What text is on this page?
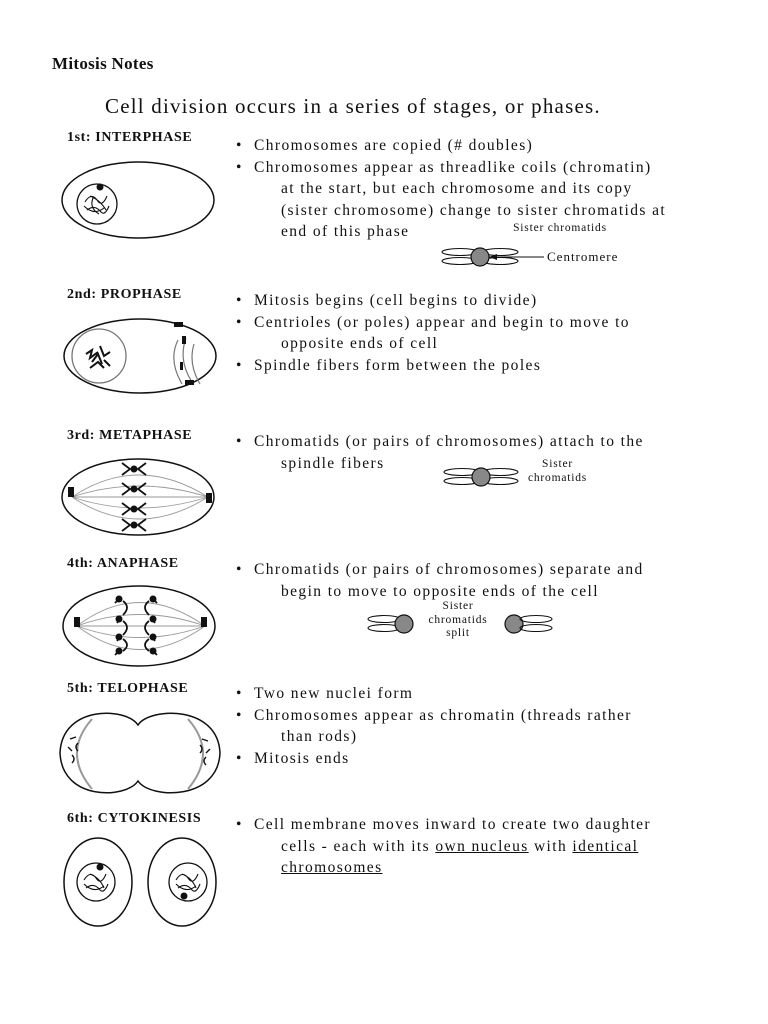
Mitosis Notes
Cell division occurs in a series of stages, or phases.
1st: INTERPHASE	• Chromosomes are copied (# doubles)
• Chromosomes appear as threadlike coils (chromatin)
at the start, but each chromosome and its copy
(sister chromosome) change to sister chromatids at
end of this phase	Sister chromatids
Centromere
2nd: PROPHASE	• Mitosis begins (cell begins to divide)
• Centrioles (or poles) appear and begin to move to
opposite ends of cell
• Spindle fibers form between the poles
3rd: METAPHASE	• Chromatids (or pairs of chromosomes) attach to the
spindle fibers	Sister
chromatids
4th: ANAPHASE	• Chromatids (or pairs of chromosomes) separate and
begin to move to opposite ends of the cell
Sister
chromatids
split
5th: TELOPHASE	• Two new nuclei form
• Chromosomes appear as chromatin (threads rather
than rods)
• Mitosis ends
6th: CYTOKINESIS • Cell membrane moves inward to create two daughter
cells - each with its own nucleus with identical
chromosomes
